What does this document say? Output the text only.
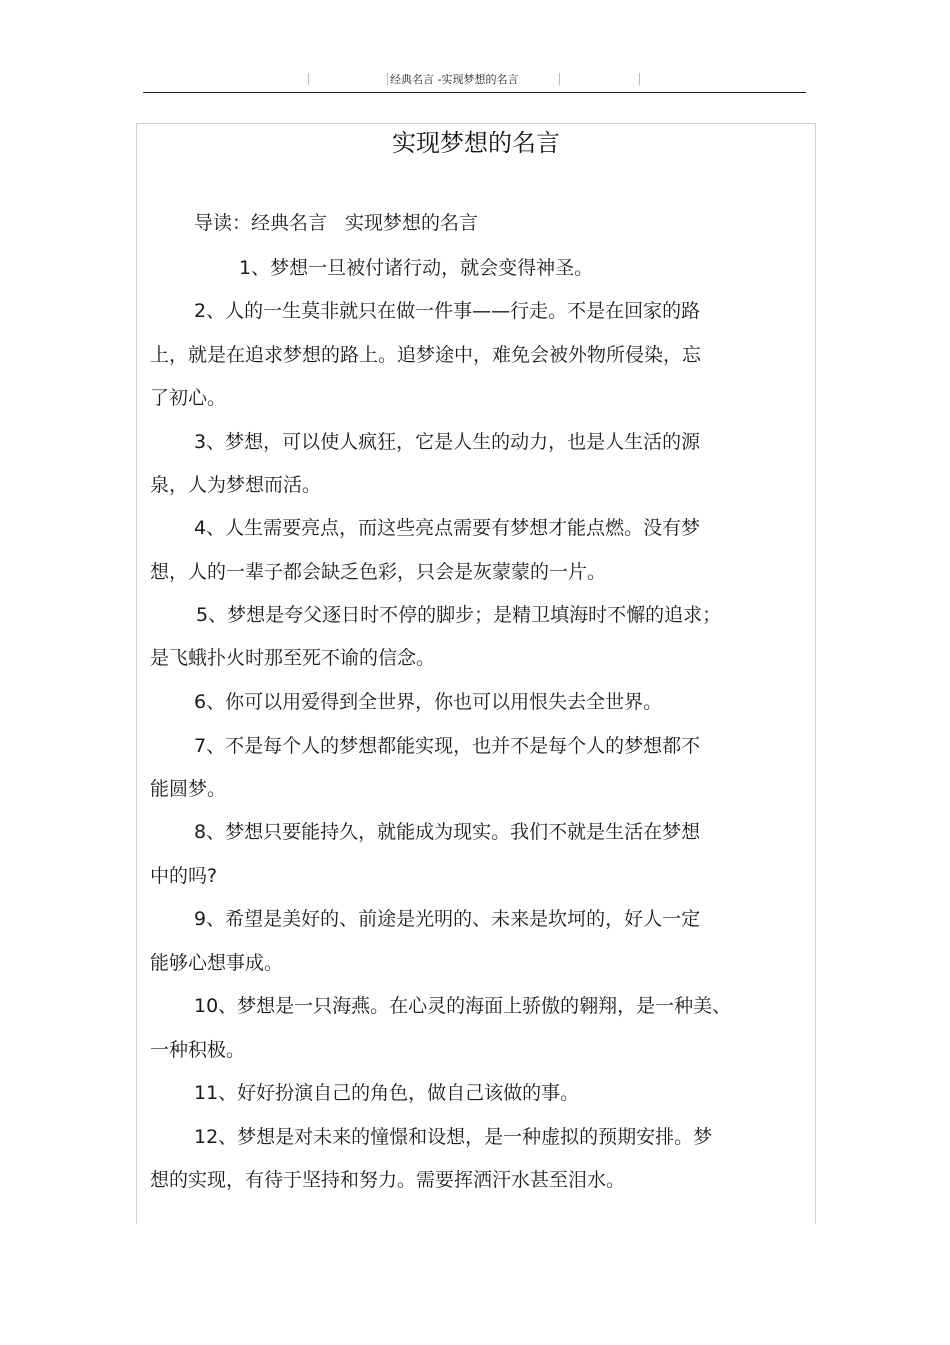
经典名言 -实现梦想的名言
实现梦想的名言
导读：经典名言 实现梦想的名言
1、梦想一旦被付诸行动，就会变得神圣。
2、人的一生莫非就只在做一件事——行走。不是在回家的路
上，就是在追求梦想的路上。追梦途中，难免会被外物所侵染，忘
了初心。
3、梦想，可以使人疯狂，它是人生的动力，也是人生活的源
泉，人为梦想而活。
4、人生需要亮点，而这些亮点需要有梦想才能点燃。没有梦
想，人的一辈子都会缺乏色彩，只会是灰蒙蒙的一片。
5、梦想是夸父逐日时不停的脚步；是精卫填海时不懈的追求；
是飞蛾扑火时那至死不谕的信念。
6、你可以用爱得到全世界，你也可以用恨失去全世界。
7、不是每个人的梦想都能实现，也并不是每个人的梦想都不
能圆梦。
8、梦想只要能持久，就能成为现实。我们不就是生活在梦想
中的吗?
9、希望是美好的、前途是光明的、未来是坎坷的，好人一定
能够心想事成。
10、梦想是一只海燕。在心灵的海面上骄傲的翱翔，是一种美、
一种积极。
11、好好扮演自己的角色，做自己该做的事。
12、梦想是对未来的憧憬和设想，是一种虚拟的预期安排。梦
想的实现，有待于坚持和努力。需要挥洒汗水甚至泪水。
